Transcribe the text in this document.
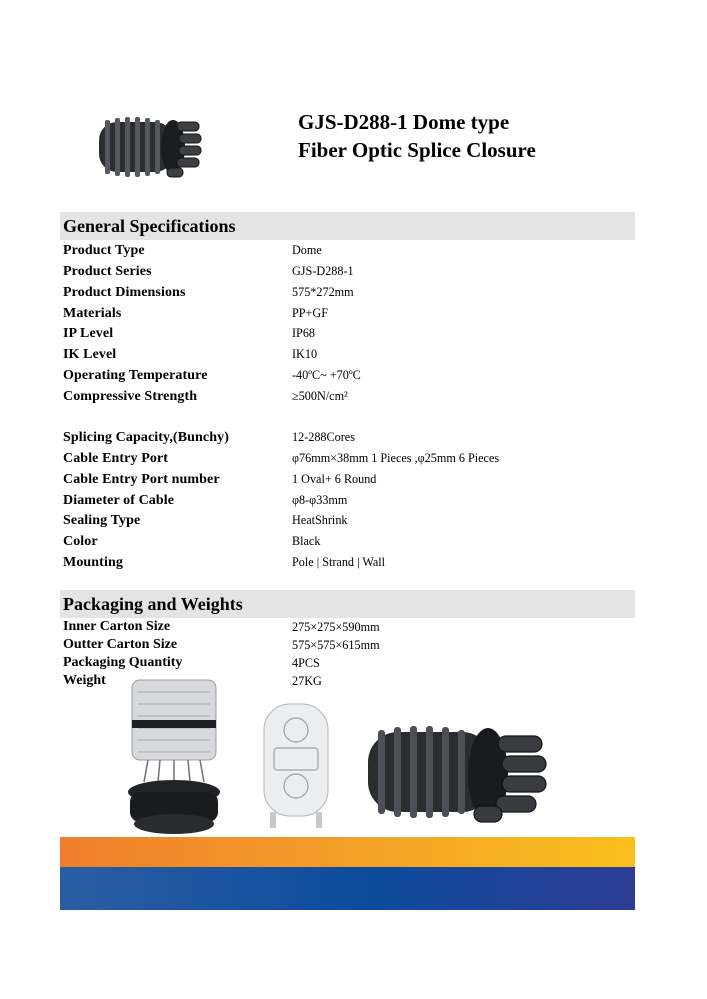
GJS-D288-1 Dome type
Fiber Optic Splice Closure
General Specifications
Product Type	Dome
Product Series	GJS-D288-1
Product Dimensions	575*272mm
Materials	PP+GF
IP Level	IP68
IK Level	IK10
Operating Temperature	-40ºC~ +70ºC
Compressive Strength	≥500N/cm²
Splicing Capacity,(Bunchy)	12-288Cores
Cable Entry Port	φ76mm×38mm 1 Pieces ,φ25mm 6 Pieces
Cable Entry Port number	1 Oval+ 6 Round
Diameter of Cable	φ8-φ33mm
Sealing Type	HeatShrink
Color	Black
Mounting	Pole | Strand | Wall
Packaging and Weights
Inner Carton Size	275×275×590mm
Outter Carton Size	575×575×615mm
Packaging Quantity	4PCS
Weight	27KG
